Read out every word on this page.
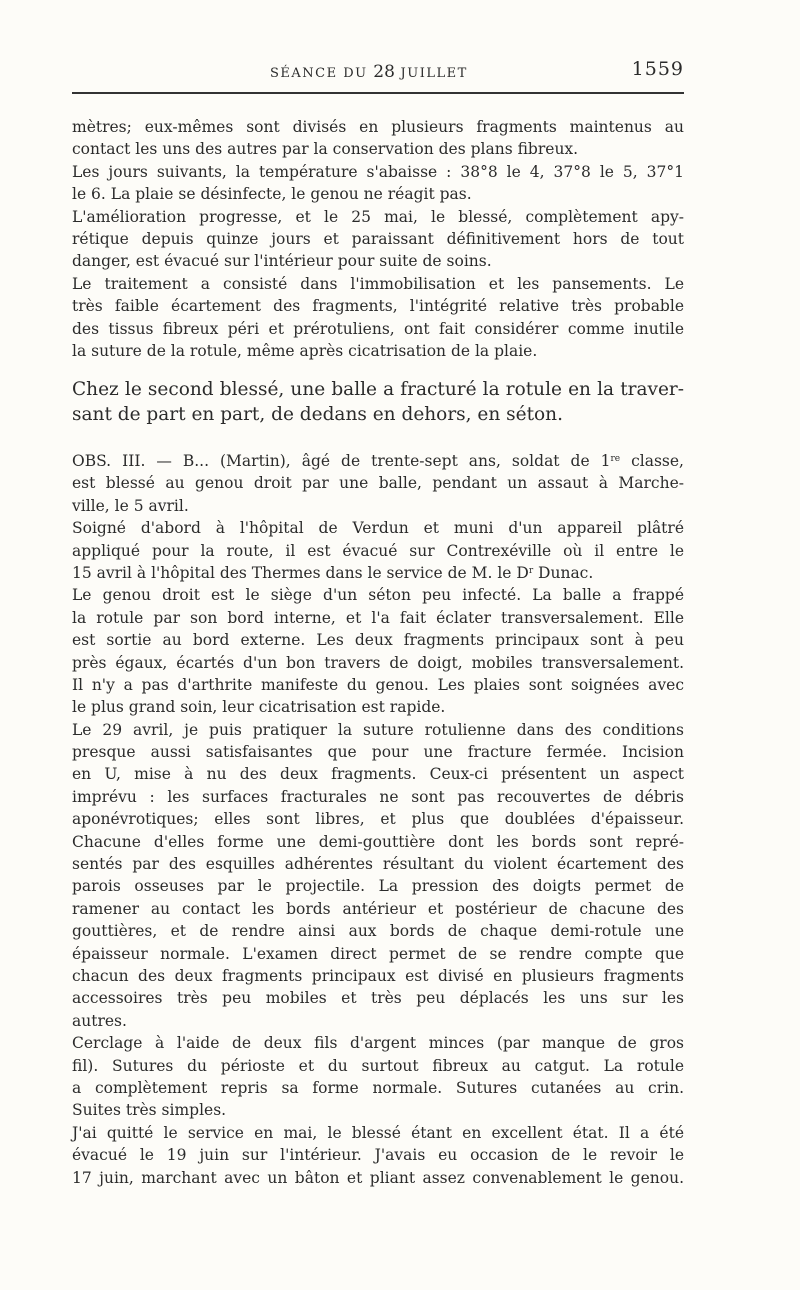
SÉANCE DU 28 JUILLET	1559
mètres; eux-mêmes sont divisés en plusieurs fragments maintenus au
contact les uns des autres par la conservation des plans fibreux.
Les jours suivants, la température s'abaisse : 38°8 le 4, 37°8 le 5, 37°1
le 6. La plaie se désinfecte, le genou ne réagit pas.
L'amélioration progresse, et le 25 mai, le blessé, complètement apy-
rétique depuis quinze jours et paraissant définitivement hors de tout
danger, est évacué sur l'intérieur pour suite de soins.
Le traitement a consisté dans l'immobilisation et les pansements. Le
très faible écartement des fragments, l'intégrité relative très probable
des tissus fibreux péri et prérotuliens, ont fait considérer comme inutile
la suture de la rotule, même après cicatrisation de la plaie.
Chez le second blessé, une balle a fracturé la rotule en la traver-
sant de part en part, de dedans en dehors, en séton.
OBS. III. — B... (Martin), âgé de trente-sept ans, soldat de 1re classe,
est blessé au genou droit par une balle, pendant un assaut à Marche-
ville, le 5 avril.
Soigné d'abord à l'hôpital de Verdun et muni d'un appareil plâtré
appliqué pour la route, il est évacué sur Contrexéville où il entre le
15 avril à l'hôpital des Thermes dans le service de M. le $D^r$ Dunac.
Le genou droit est le siège d'un séton peu infecté. La balle a frappé
la rotule par son bord interne, et l'a fait éclater transversalement. Elle
est sortie au bord externe. Les deux fragments principaux sont à peu
près égaux, écartés d'un bon travers de doigt, mobiles transversalement.
Il n'y a pas d'arthrite manifeste du genou. Les plaies sont soignées avec
le plus grand soin, leur cicatrisation est rapide.
Le 29 avril, je puis pratiquer la suture rotulienne dans des conditions
presque aussi satisfaisantes que pour une fracture fermée. Incision
en U, mise à nu des deux fragments. Ceux-ci présentent un aspect
imprévu : les surfaces fracturales ne sont pas recouvertes de débris
aponévrotiques; elles sont libres, et plus que doublées d'épaisseur.
Chacune d'elles forme une demi-gouttière dont les bords sont repré-
sentés par des esquilles adhérentes résultant du violent écartement des
parois osseuses par le projectile. La pression des doigts permet de
ramener au contact les bords antérieur et postérieur de chacune des
gouttières, et de rendre ainsi aux bords de chaque demi-rotule une
épaisseur normale. L'examen direct permet de se rendre compte que
chacun des deux fragments principaux est divisé en plusieurs fragments
accessoires très peu mobiles et très peu déplacés les uns sur les
autres.
Cerclage à l'aide de deux fils d'argent minces (par manque de gros
fil). Sutures du périoste et du surtout fibreux au catgut. La rotule
a complètement repris sa forme normale. Sutures cutanées au crin.
Suites très simples.
J'ai quitté le service en mai, le blessé étant en excellent état. Il a été
évacué le 19 juin sur l'intérieur. J'avais eu occasion de le revoir le
17 juin, marchant avec un bâton et pliant assez convenablement le genou.
